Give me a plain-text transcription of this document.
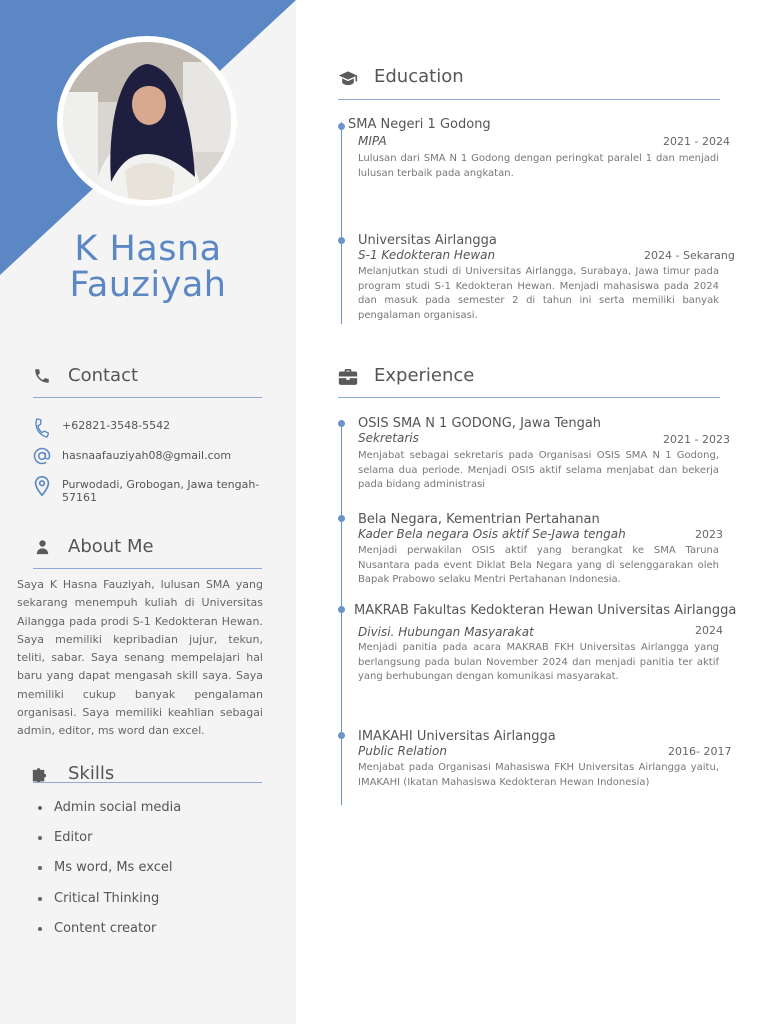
K Hasna
Fauziyah
Contact
+62821-3548-5542
hasnaafauziyah08@gmail.com
Purwodadi, Grobogan, Jawa tengah-57161
About Me
Saya K Hasna Fauziyah, lulusan SMA yang sekarang menempuh kuliah di Universitas Ailangga pada prodi S-1 Kedokteran Hewan. Saya memiliki kepribadian jujur, tekun, teliti, sabar. Saya senang mempelajari hal baru yang dapat mengasah skill saya. Saya memiliki cukup banyak pengalaman organisasi. Saya memiliki keahlian sebagai admin, editor, ms word dan excel.
Skills
Admin social media
Editor
Ms word, Ms excel
Critical Thinking
Content creator
Education
SMA Negeri 1 Godong
MIPA	2021 - 2024
Lulusan dari SMA N 1 Godong dengan peringkat paralel 1 dan menjadi lulusan terbaik pada angkatan.
Universitas Airlangga
S-1 Kedokteran Hewan	2024 - Sekarang
Melanjutkan studi di Universitas Airlangga, Surabaya, Jawa timur pada program studi S-1 Kedokteran Hewan. Menjadi mahasiswa pada 2024 dan masuk pada semester 2 di tahun ini serta memiliki banyak pengalaman organisasi.
Experience
OSIS SMA N 1 GODONG, Jawa Tengah
Sekretaris	2021 - 2023
Menjabat sebagai sekretaris pada Organisasi OSIS SMA N 1 Godong, selama dua periode. Menjadi OSIS aktif selama menjabat dan bekerja pada bidang administrasi
Bela Negara, Kementrian Pertahanan
Kader Bela negara Osis aktif Se-Jawa tengah	2023
Menjadi perwakilan OSIS aktif yang berangkat ke SMA Taruna Nusantara pada event Diklat Bela Negara yang di selenggarakan oleh Bapak Prabowo selaku Mentri Pertahanan Indonesia.
MAKRAB Fakultas Kedokteran Hewan Universitas Airlangga
Divisi. Hubungan Masyarakat	2024
Menjadi panitia pada acara MAKRAB FKH Universitas Airlangga yang berlangsung pada bulan November 2024 dan menjadi panitia ter aktif yang berhubungan dengan komunikasi masyarakat.
IMAKAHI Universitas Airlangga
Public Relation	2016- 2017
Menjabat pada Organisasi Mahasiswa FKH Universitas Airlangga yaitu, IMAKAHI (Ikatan Mahasiswa Kedokteran Hewan Indonesia)
